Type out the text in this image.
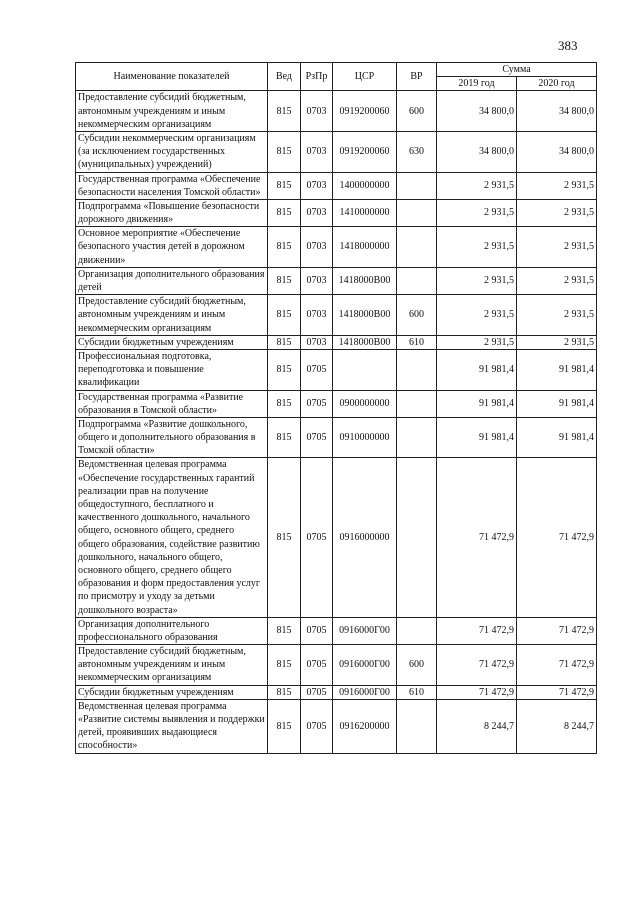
383
Наименование показателей	Вед	РзПр	ЦСР	ВР	Сумма	
					2019 год	2020 год
Предоставление субсидий бюджетным, автономным учреждениям и иным некоммерческим организациям	815	0703	0919200060	600	34 800,0	34 800,0
Субсидии некоммерческим организациям (за исключением государственных (муниципальных) учреждений)	815	0703	0919200060	630	34 800,0	34 800,0
Государственная программа «Обеспечение безопасности населения Томской области»	815	0703	1400000000		2 931,5	2 931,5
Подпрограмма «Повышение безопасности дорожного движения»	815	0703	1410000000		2 931,5	2 931,5
Основное мероприятие «Обеспечение безопасного участия детей в дорожном движении»	815	0703	1418000000		2 931,5	2 931,5
Организация дополнительного образования детей	815	0703	1418000В00		2 931,5	2 931,5
Предоставление субсидий бюджетным, автономным учреждениям и иным некоммерческим организациям	815	0703	1418000В00	600	2 931,5	2 931,5
Субсидии бюджетным учреждениям	815	0703	1418000В00	610	2 931,5	2 931,5
Профессиональная подготовка, переподготовка и повышение квалификации	815	0705			91 981,4	91 981,4
Государственная программа «Развитие образования в Томской области»	815	0705	0900000000		91 981,4	91 981,4
Подпрограмма «Развитие дошкольного, общего и дополнительного образования в Томской области»	815	0705	0910000000		91 981,4	91 981,4
Ведомственная целевая программа «Обеспечение государственных гарантий реализации прав на получение общедоступного, бесплатного и качественного дошкольного, начального общего, основного общего, среднего общего образования, содействие развитию дошкольного, начального общего, основного общего, среднего общего образования и форм предоставления услуг по присмотру и уходу за детьми дошкольного возраста»	815	0705	0916000000		71 472,9	71 472,9
Организация дополнительного профессионального образования	815	0705	0916000Г00		71 472,9	71 472,9
Предоставление субсидий бюджетным, автономным учреждениям и иным некоммерческим организациям	815	0705	0916000Г00	600	71 472,9	71 472,9
Субсидии бюджетным учреждениям	815	0705	0916000Г00	610	71 472,9	71 472,9
Ведомственная целевая программа «Развитие системы выявления и поддержки детей, проявивших выдающиеся способности»	815	0705	0916200000		8 244,7	8 244,7
